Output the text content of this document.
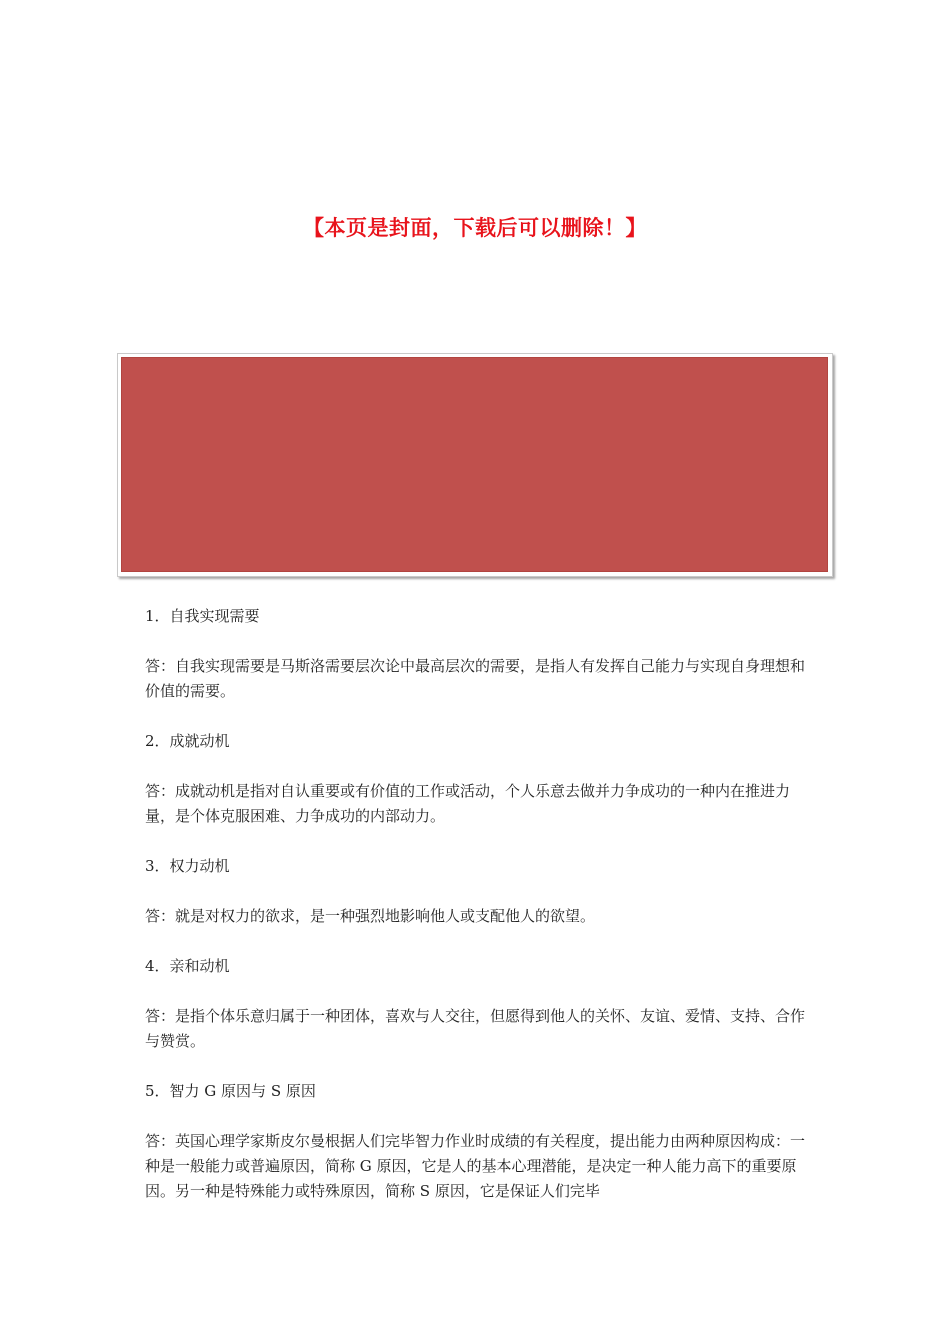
【本页是封面，下载后可以删除！】

1．自我实现需要

答：自我实现需要是马斯洛需要层次论中最高层次的需要，是指人有发挥自己能力与实现自身理想和价值的需要。

2．成就动机

答：成就动机是指对自认重要或有价值的工作或活动，个人乐意去做并力争成功的一种内在推进力量，是个体克服困难、力争成功的内部动力。

3．权力动机

答：就是对权力的欲求，是一种强烈地影响他人或支配他人的欲望。

4．亲和动机

答：是指个体乐意归属于一种团体，喜欢与人交往，但愿得到他人的关怀、友谊、爱情、支持、合作与赞赏。

5．智力 G 原因与 S 原因

答：英国心理学家斯皮尔曼根据人们完毕智力作业时成绩的有关程度，提出能力由两种原因构成：一种是一般能力或普遍原因，简称 G 原因，它是人的基本心理潜能，是决定一种人能力高下的重要原因。另一种是特殊能力或特殊原因，简称 S 原因，它是保证人们完毕
